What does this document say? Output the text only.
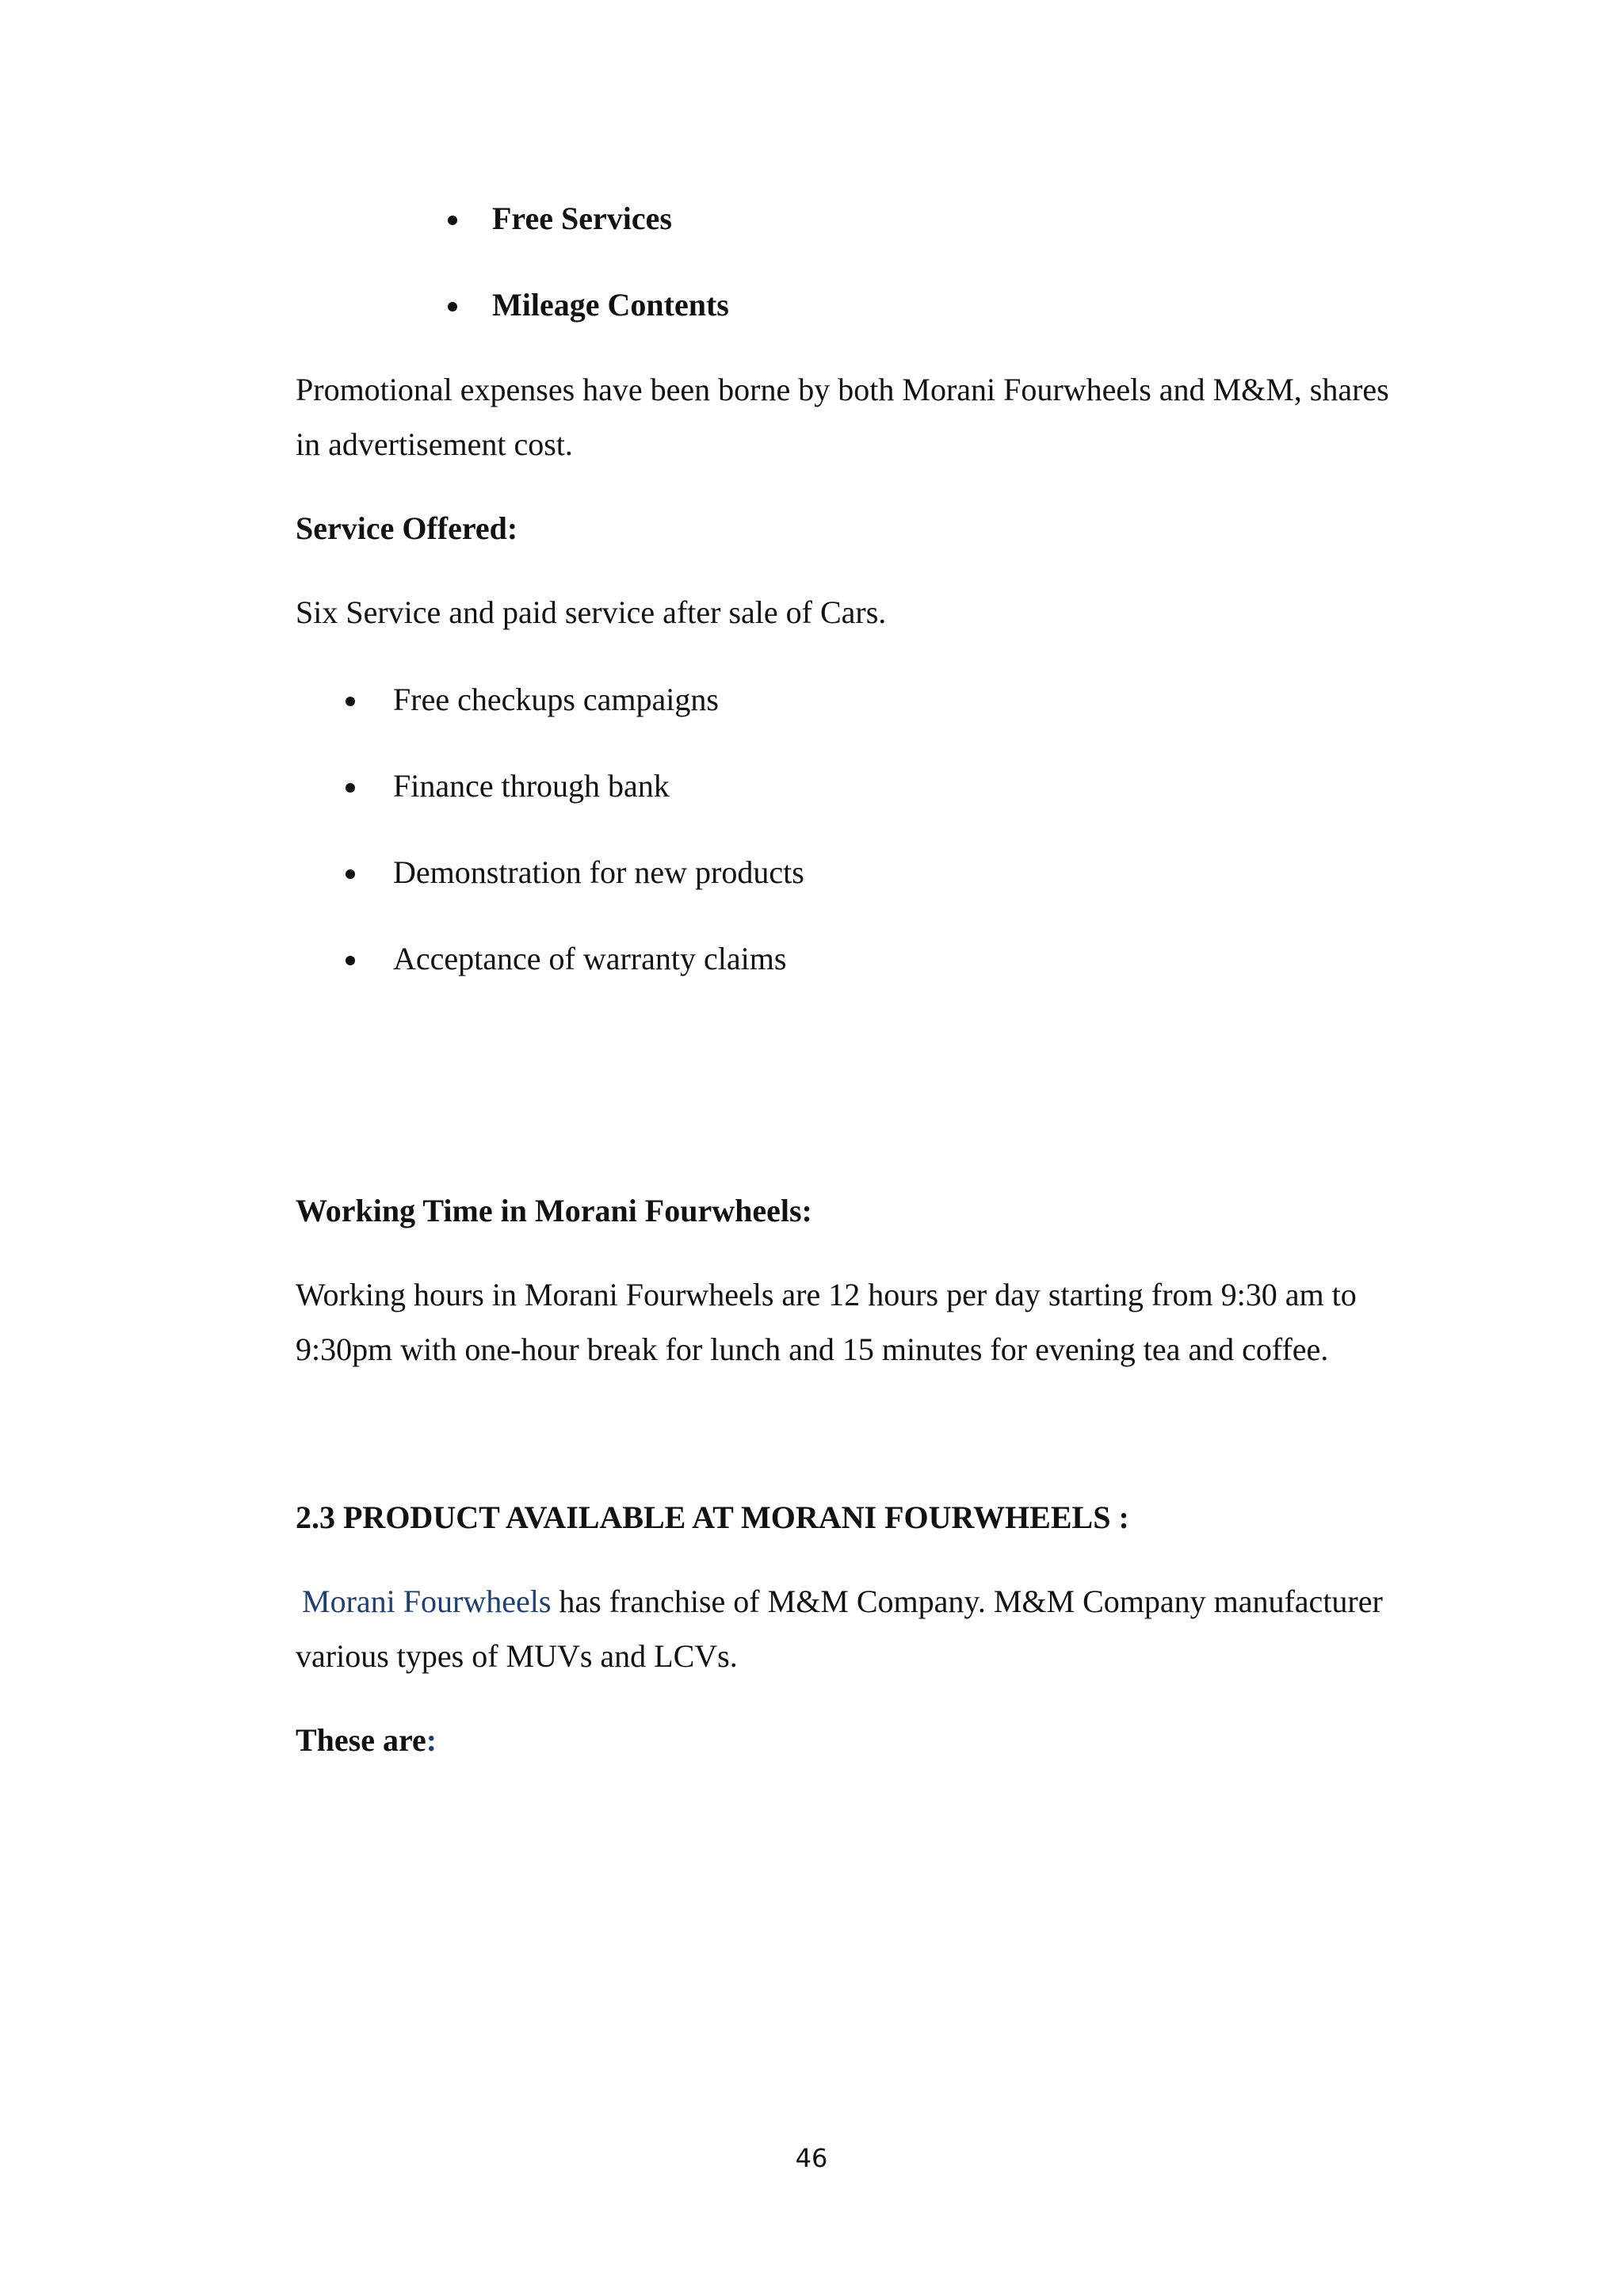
Free Services

Mileage Contents

Promotional expenses have been borne by both Morani Fourwheels and M&M, shares

in advertisement cost.

Service Offered:

Six Service and paid service after sale of Cars.

Free checkups campaigns

Finance through bank

Demonstration for new products

Acceptance of warranty claims

Working Time in Morani Fourwheels:

Working hours in Morani Fourwheels are 12 hours per day starting from 9:30 am to

9:30pm with one-hour break for lunch and 15 minutes for evening tea and coffee.

2.3 PRODUCT AVAILABLE AT MORANI FOURWHEELS :

Morani Fourwheels has franchise of M&M Company. M&M Company manufacturer

various types of MUVs and LCVs.

These are:

46
